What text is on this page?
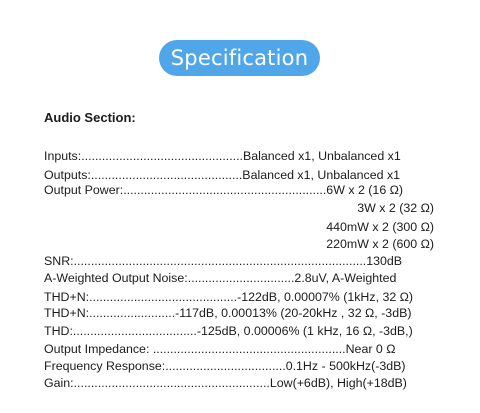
Specification
Audio Section:
Inputs:...............................................Balanced x1, Unbalanced x1
Outputs:............................................Balanced x1, Unbalanced x1
Output Power:...........................................................6W x 2 (16 Ω)
3W x 2 (32 Ω)
440mW x 2 (300 Ω)
220mW x 2 (600 Ω)
SNR:.....................................................................................130dB
A-Weighted Output Noise:...............................2.8uV, A-Weighted
THD+N:...........................................-122dB, 0.00007% (1kHz, 32 Ω)
THD+N:.........................-117dB, 0.00013% (20-20kHz , 32 Ω, -3dB)
THD:....................................-125dB, 0.00006% (1 kHz, 16 Ω, -3dB,)
Output Impedance: ........................................................Near 0 Ω
Frequency Response:...................................0.1Hz - 500kHz(-3dB)
Gain:.........................................................Low(+6dB), High(+18dB)
